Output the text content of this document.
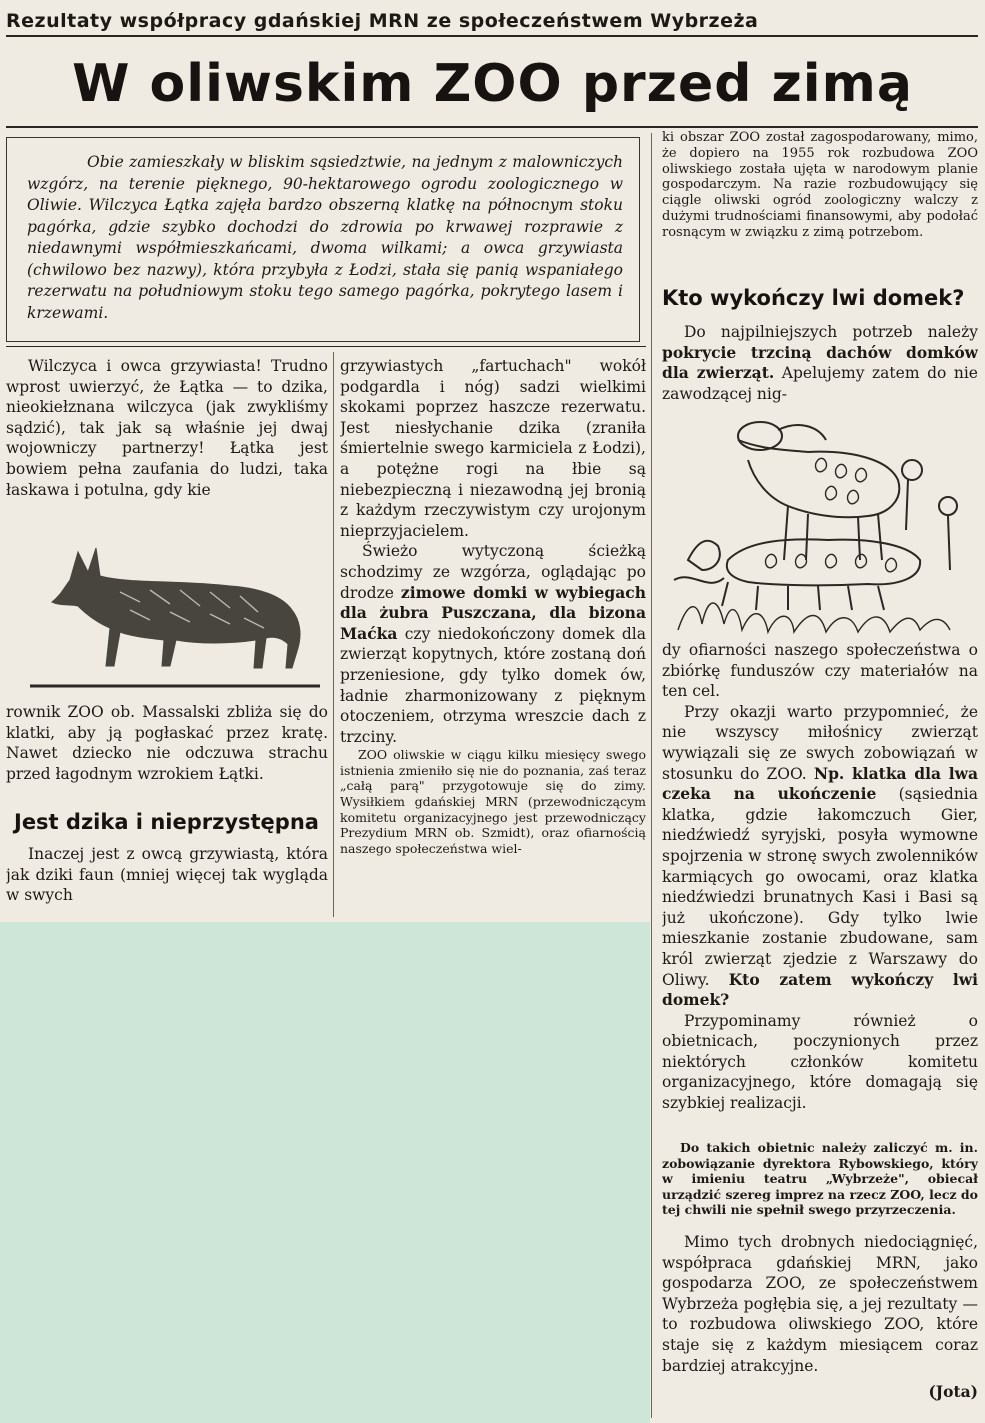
Rezultaty współpracy gdańskiej MRN ze społeczeństwem Wybrzeża
W oliwskim ZOO przed zimą
Obie zamieszkały w bliskim sąsiedztwie, na jednym z malowniczych wzgórz, na terenie pięknego, 90-hektarowego ogrodu zoologicznego w Oliwie. Wilczyca Łątka zajęła bardzo obszerną klatkę na północnym stoku pagórka, gdzie szybko dochodzi do zdrowia po krwawej rozprawie z niedawnymi współmieszkańcami, dwoma wilkami; a owca grzywiasta (chwilowo bez nazwy), która przybyła z Łodzi, stała się panią wspaniałego rezerwatu na południowym stoku tego samego pagórka, pokrytego lasem i krzewami.

Wilczyca i owca grzywiasta! Trudno wprost uwierzyć, że Łątka — to dzika, nieokiełznana wilczyca (jak zwykliśmy sądzić), tak jak są właśnie jej dwaj wojowniczy partnerzy! Łątka jest bowiem pełna zaufania do ludzi, taka łaskawa i potulna, gdy kie

rownik ZOO ob. Massalski zbliża się do klatki, aby ją pogłaskać przez kratę. Nawet dziecko nie odczuwa strachu przed łagodnym wzrokiem Łątki.

Jest dzika i nieprzystępna

Inaczej jest z owcą grzywiastą, która jak dziki faun (mniej więcej tak wygląda w swych

grzywiastych „fartuchach" wokół podgardla i nóg) sadzi wielkimi skokami poprzez haszcze rezerwatu. Jest niesłychanie dzika (zraniła śmiertelnie swego karmiciela z Łodzi), a potężne rogi na łbie są niebezpieczną i niezawodną jej bronią z każdym rzeczywistym czy urojonym nieprzyjacielem.

Świeżo wytyczoną ścieżką schodzimy ze wzgórza, oglądając po drodze zimowe domki w wybiegach dla żubra Puszczana, dla bizona Maćka czy niedokończony domek dla zwierząt kopytnych, które zostaną doń przeniesione, gdy tylko domek ów, ładnie zharmonizowany z pięknym otoczeniem, otrzyma wreszcie dach z trzciny.

ZOO oliwskie w ciągu kilku miesięcy swego istnienia zmieniło się nie do poznania, zaś teraz „całą parą" przygotowuje się do zimy. Wysiłkiem gdańskiej MRN (przewodniczącym komitetu organizacyjnego jest przewodniczący Prezydium MRN ob. Szmidt), oraz ofiarnością naszego społeczeństwa wiel-

ki obszar ZOO został zagospodarowany, mimo, że dopiero na 1955 rok rozbudowa ZOO oliwskiego została ujęta w narodowym planie gospodarczym. Na razie rozbudowujący się ciągle oliwski ogród zoologiczny walczy z dużymi trudnościami finansowymi, aby podołać rosnącym w związku z zimą potrzebom.

Kto wykończy lwi domek?

Do najpilniejszych potrzeb należy pokrycie trzciną dachów domków dla zwierząt. Apelujemy zatem do nie zawodzącej nig-

dy ofiarności naszego społeczeństwa o zbiórkę funduszów czy materiałów na ten cel.

Przy okazji warto przypomnieć, że nie wszyscy miłośnicy zwierząt wywiązali się ze swych zobowiązań w stosunku do ZOO. Np. klatka dla lwa czeka na ukończenie (sąsiednia klatka, gdzie łakomczuch Gier, niedźwiedź syryjski, posyła wymowne spojrzenia w stronę swych zwolenników karmiących go owocami, oraz klatka niedźwiedzi brunatnych Kasi i Basi są już ukończone). Gdy tylko lwie mieszkanie zostanie zbudowane, sam król zwierząt zjedzie z Warszawy do Oliwy. Kto zatem wykończy lwi domek?

Przypominamy również o obietnicach, poczynionych przez niektórych członków komitetu organizacyjnego, które domagają się szybkiej realizacji.

Do takich obietnic należy zaliczyć m. in. zobowiązanie dyrektora Rybowskiego, który w imieniu teatru „Wybrzeże", obiecał urządzić szereg imprez na rzecz ZOO, lecz do tej chwili nie spełnił swego przyrzeczenia.

Mimo tych drobnych niedociągnięć, współpraca gdańskiej MRN, jako gospodarza ZOO, ze społeczeństwem Wybrzeża pogłębia się, a jej rezultaty — to rozbudowa oliwskiego ZOO, które staje się z każdym miesiącem coraz bardziej atrakcyjne.

(Jota)
